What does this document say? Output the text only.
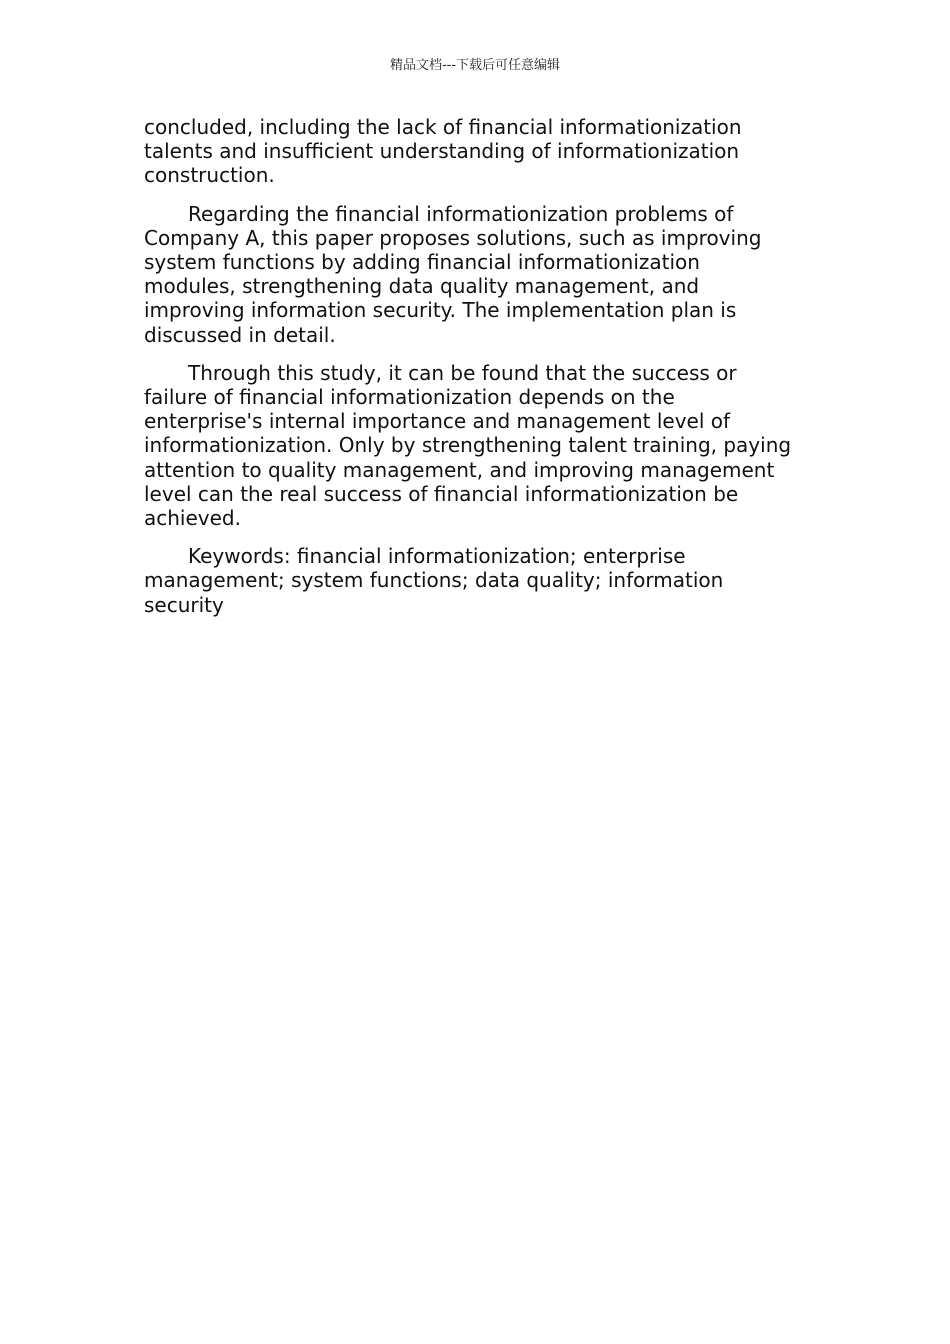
精品文档---下载后可任意编辑

concluded, including the lack of financial informationization talents and insufficient understanding of informationization construction.

Regarding the financial informationization problems of Company A, this paper proposes solutions, such as improving system functions by adding financial informationization modules, strengthening data quality management, and improving information security. The implementation plan is discussed in detail.

Through this study, it can be found that the success or failure of financial informationization depends on the enterprise's internal importance and management level of informationization. Only by strengthening talent training, paying attention to quality management, and improving management level can the real success of financial informationization be achieved.

Keywords: financial informationization; enterprise management; system functions; data quality; information security
